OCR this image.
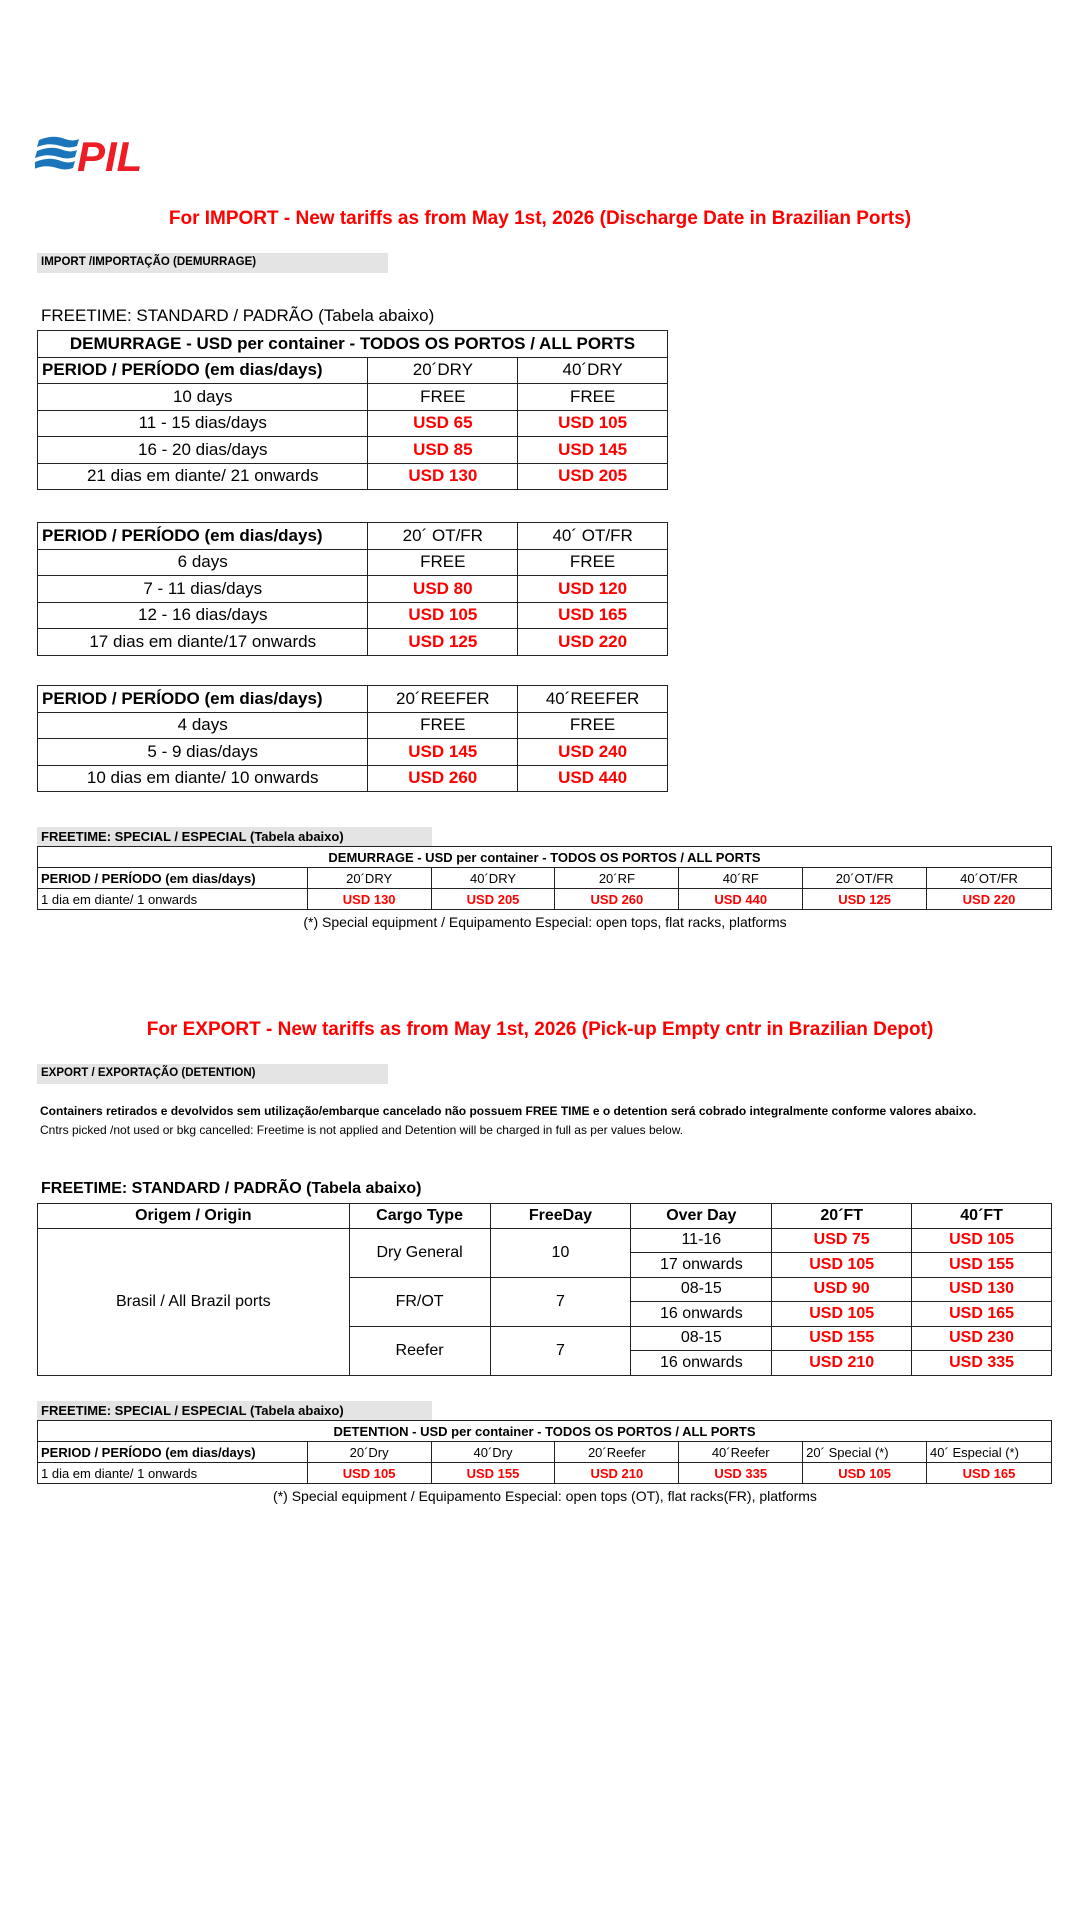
PIL
For IMPORT - New tariffs as from May 1st, 2026 (Discharge Date in Brazilian Ports)
IMPORT /IMPORTAÇÃO (DEMURRAGE)
FREETIME: STANDARD / PADRÃO (Tabela abaixo)
DEMURRAGE - USD per container - TODOS OS PORTOS / ALL PORTS		
PERIOD / PERÍODO (em dias/days)	20´DRY	40´DRY
10 days	FREE	FREE
11 - 15 dias/days	USD 65	USD 105
16 - 20 dias/days	USD 85	USD 145
21 dias em diante/ 21 onwards	USD 130	USD 205
PERIOD / PERÍODO (em dias/days)	20´ OT/FR	40´ OT/FR
6 days	FREE	FREE
7 - 11 dias/days	USD 80	USD 120
12 - 16 dias/days	USD 105	USD 165
17 dias em diante/17 onwards	USD 125	USD 220
PERIOD / PERÍODO (em dias/days)	20´REEFER	40´REEFER
4 days	FREE	FREE
5 - 9 dias/days	USD 145	USD 240
10 dias em diante/ 10 onwards	USD 260	USD 440
FREETIME: SPECIAL / ESPECIAL (Tabela abaixo)
DEMURRAGE - USD per container - TODOS OS PORTOS / ALL PORTS						
PERIOD / PERÍODO (em dias/days)	20´DRY	40´DRY	20´RF	40´RF	20´OT/FR	40´OT/FR
1 dia em diante/ 1 onwards	USD 130	USD 205	USD 260	USD 440	USD 125	USD 220
(*) Special equipment / Equipamento Especial: open tops, flat racks, platforms
For EXPORT - New tariffs as from May 1st, 2026 (Pick-up Empty cntr in Brazilian Depot)
EXPORT / EXPORTAÇÃO (DETENTION)
Containers retirados e devolvidos sem utilização/embarque cancelado não possuem FREE TIME e o detention será cobrado integralmente conforme valores abaixo.
Cntrs picked /not used or bkg cancelled: Freetime is not applied and Detention will be charged in full as per values below.
FREETIME: STANDARD / PADRÃO (Tabela abaixo)
Origem / Origin	Cargo Type	FreeDay	Over Day	20´FT	40´FT
Brasil / All Brazil ports	Dry General	10	11-16	USD 75	USD 105
			17 onwards	USD 105	USD 155
	FR/OT	7	08-15	USD 90	USD 130
			16 onwards	USD 105	USD 165
	Reefer	7	08-15	USD 155	USD 230
			16 onwards	USD 210	USD 335
FREETIME: SPECIAL / ESPECIAL (Tabela abaixo)
DETENTION - USD per container - TODOS OS PORTOS / ALL PORTS						
PERIOD / PERÍODO (em dias/days)	20´Dry	40´Dry	20´Reefer	40´Reefer	20´ Special (*)	40´ Especial (*)
1 dia em diante/ 1 onwards	USD 105	USD 155	USD 210	USD 335	USD 105	USD 165
(*) Special equipment / Equipamento Especial: open tops (OT), flat racks(FR), platforms
